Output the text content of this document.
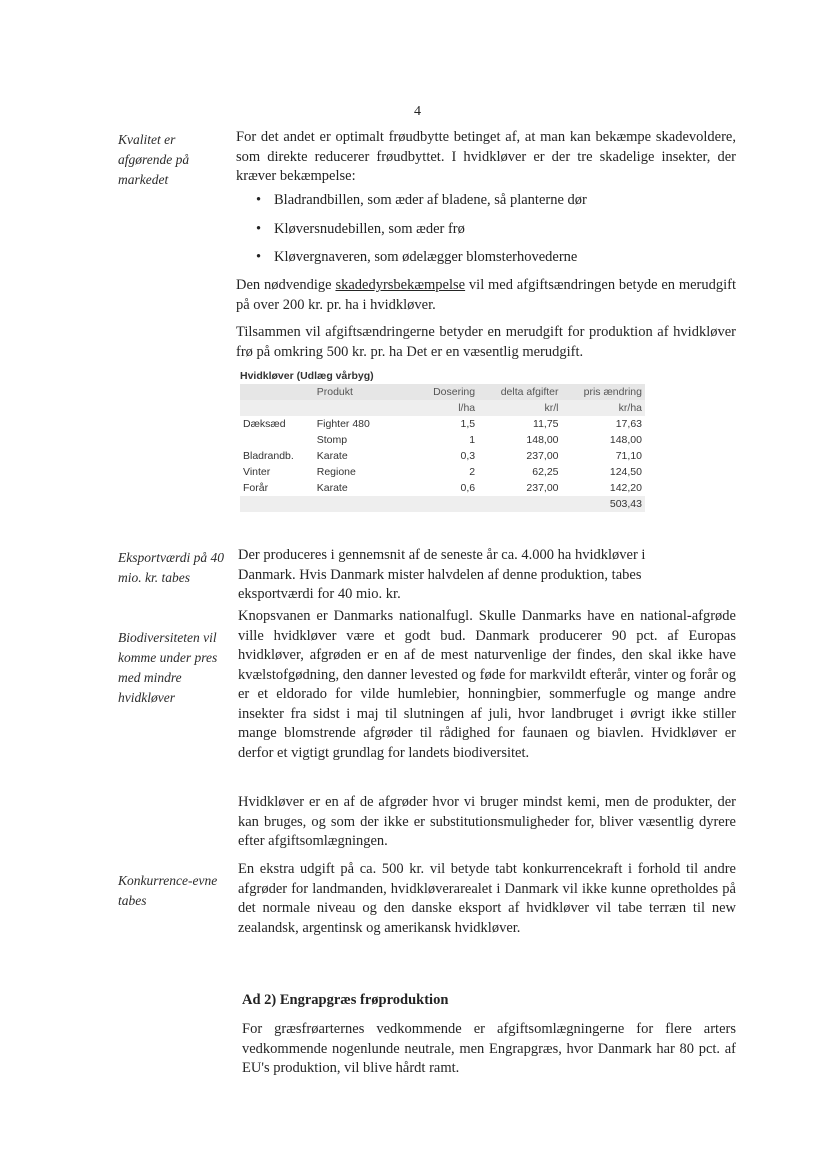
4
Kvalitet er afgørende på markedet
Eksportværdi på 40 mio. kr. tabes
Biodiversiteten vil komme under pres med mindre hvidkløver
Konkurrence-evne tabes

For det andet er optimalt frøudbytte betinget af, at man kan bekæmpe skadevoldere, som direkte reducerer frøudbyttet. I hvidkløver er der tre skadelige insekter, der kræver bekæmpelse:

• Bladrandbillen, som æder af bladene, så planterne dør
• Kløversnudebillen, som æder frø
• Kløvergnaveren, som ødelægger blomsterhovederne

Den nødvendige skadedyrsbekæmpelse vil med afgiftsændringen betyde en merudgift på over 200 kr. pr. ha i hvidkløver.

Tilsammen vil afgiftsændringerne betyder en merudgift for produktion af hvidkløver frø på omkring 500 kr. pr. ha Det er en væsentlig merudgift.

Hvidkløver (Udlæg vårbyg)
	Produkt	Dosering	delta afgifter	pris ændring
		l/ha	kr/l	kr/ha
Dæksæd	Fighter 480	1,5	11,75	17,63
	Stomp	1	148,00	148,00
Bladrandb.	Karate	0,3	237,00	71,10
Vinter	Regione	2	62,25	124,50
Forår	Karate	0,6	237,00	142,20
				503,43

Der produceres i gennemsnit af de seneste år ca. 4.000 ha hvidkløver i Danmark. Hvis Danmark mister halvdelen af denne produktion, tabes eksportværdi for 40 mio. kr.

Knopsvanen er Danmarks nationalfugl. Skulle Danmarks have en national-afgrøde ville hvidkløver være et godt bud. Danmark producerer 90 pct. af Europas hvidkløver, afgrøden er en af de mest naturvenlige der findes, den skal ikke have kvælstofgødning, den danner levested og føde for markvildt efterår, vinter og forår og er et eldorado for vilde humlebier, honningbier, sommerfugle og mange andre insekter fra sidst i maj til slutningen af juli, hvor landbruget i øvrigt ikke stiller mange blomstrende afgrøder til rådighed for faunaen og biavlen. Hvidkløver er derfor et vigtigt grundlag for landets biodiversitet.

Hvidkløver er en af de afgrøder hvor vi bruger mindst kemi, men de produkter, der kan bruges, og som der ikke er substitutionsmuligheder for, bliver væsentlig dyrere efter afgiftsomlægningen.

En ekstra udgift på ca. 500 kr. vil betyde tabt konkurrencekraft i forhold til andre afgrøder for landmanden, hvidkløverarealet i Danmark vil ikke kunne opretholdes på det normale niveau og den danske eksport af hvidkløver vil tabe terræn til new zealandsk, argentinsk og amerikansk hvidkløver.

Ad 2) Engrapgræs frøproduktion

For græsfrøarternes vedkommende er afgiftsomlægningerne for flere arters vedkommende nogenlunde neutrale, men Engrapgræs, hvor Danmark har 80 pct. af EU's produktion, vil blive hårdt ramt.
